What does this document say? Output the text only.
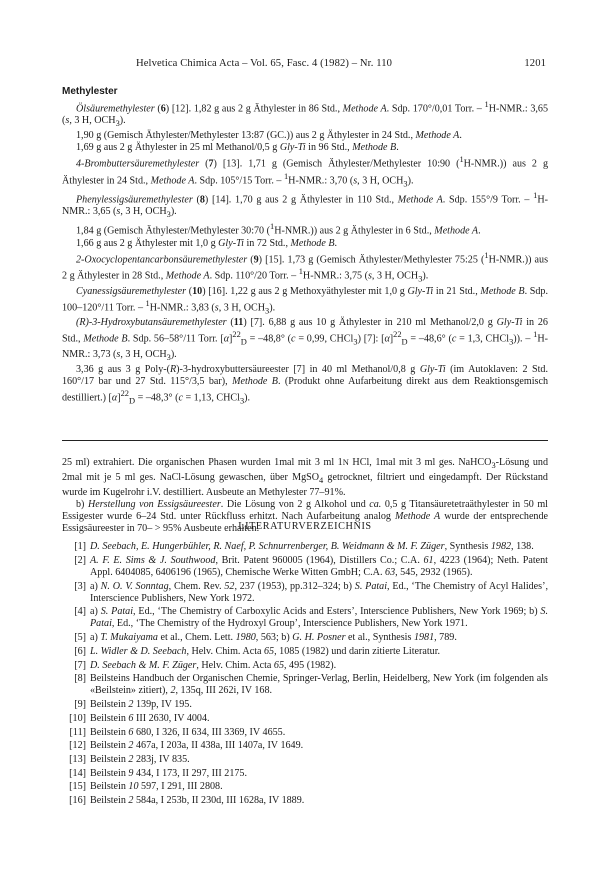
Helvetica Chimica Acta – Vol. 65, Fasc. 4 (1982) – Nr. 110	1201
Methylester

Ölsäuremethylester (6) [12]. 1,82 g aus 2 g Äthylester in 86 Std., Methode A. Sdp. 170°/0,01 Torr. – $^1$H-NMR.: 3,65 (s, 3 H, $OCH_3$).

1,90 g (Gemisch Äthylester/Methylester 13:87 (GC.)) aus 2 g Äthylester in 24 Std., Methode A.

1,69 g aus 2 g Äthylester in 25 ml Methanol/0,5 g Gly-Ti in 96 Std., Methode B.

4-Brombuttersäuremethylester (7) [13]. 1,71 g (Gemisch Äthylester/Methylester 10:90 ($^1$H-NMR.)) aus 2 g Äthylester in 24 Std., Methode A. Sdp. 105°/15 Torr. – $^1$H-NMR.: 3,70 (s, 3 H, $OCH_3$).

Phenylessigsäuremethylester (8) [14]. 1,70 g aus 2 g Äthylester in 110 Std., Methode A. Sdp. 155°/9 Torr. – $^1$H-NMR.: 3,65 (s, 3 H, $OCH_3$).

1,84 g (Gemisch Äthylester/Methylester 30:70 ($^1$H-NMR.)) aus 2 g Äthylester in 6 Std., Methode A.

1,66 g aus 2 g Äthylester mit 1,0 g Gly-Ti in 72 Std., Methode B.

2-Oxocyclopentancarbonsäuremethylester (9) [15]. 1,73 g (Gemisch Äthylester/Methylester 75:25 ($^1$H-NMR.)) aus 2 g Äthylester in 28 Std., Methode A. Sdp. 110°/20 Torr. – $^1$H-NMR.: 3,75 (s, 3 H, $OCH_3$).

Cyanessigsäuremethylester (10) [16]. 1,22 g aus 2 g Methoxyäthylester mit 1,0 g Gly-Ti in 21 Std., Methode B. Sdp. 100–120°/11 Torr. – $^1$H-NMR.: 3,83 (s, 3 H, $OCH_3$).

(R)-3-Hydroxybutansäuremethylester (11) [7]. 6,88 g aus 10 g Äthylester in 210 ml Methanol/2,0 g Gly-Ti in 26 Std., Methode B. Sdp. 56–58°/11 Torr. $[\alpha]^{22}_D = -48,8^\circ$ (c = 0,99, CHCl$_3$) [7]: $[\alpha]^{22}_D = -48,6^\circ$ (c = 1,3, CHCl$_3$)). – $^1$H-NMR.: 3,73 (s, 3 H, $OCH_3$).

3,36 g aus 3 g Poly-(R)-3-hydroxybuttersäureester [7] in 40 ml Methanol/0,8 g Gly-Ti (im Autoklaven: 2 Std. 160°/17 bar und 27 Std. 115°/3,5 bar), Methode B. (Produkt ohne Aufarbeitung direkt aus dem Reaktionsgemisch destilliert.) $[\alpha]^{22}_D = -48,3^\circ$ (c = 1,13, CHCl$_3$).

25 ml) extrahiert. Die organischen Phasen wurden 1mal mit 3 ml 1N HCl, 1mal mit 3 ml ges. NaHCO$_3$-Lösung und 2mal mit je 5 ml ges. NaCl-Lösung gewaschen, über MgSO$_4$ getrocknet, filtriert und eingedampft. Der Rückstand wurde im Kugelrohr i.V. destilliert. Ausbeute an Methylester 77–91%.

b) Herstellung von Essigsäureester. Die Lösung von 2 g Alkohol und ca. 0,5 g Titansäuretetraäthylester in 50 ml Essigester wurde 6–24 Std. unter Rückfluss erhitzt. Nach Aufarbeitung analog Methode A wurde der entsprechende Essigsäureester in 70– > 95% Ausbeute erhalten.

LITERATURVERZEICHNIS
[1] D. Seebach, E. Hungerbühler, R. Naef, P. Schnurrenberger, B. Weidmann & M. F. Züger, Synthesis 1982, 138.
[2] A. F. E. Sims & J. Southwood, Brit. Patent 960005 (1964), Distillers Co.; C.A. 61, 4223 (1964); Neth. Patent Appl. 6404085, 6406196 (1965), Chemische Werke Witten GmbH; C.A. 63, 545, 2932 (1965).
[3] a) N. O. V. Sonntag, Chem. Rev. 52, 237 (1953), pp.312–324; b) S. Patai, Ed., ‘The Chemistry of Acyl Halides’, Interscience Publishers, New York 1972.
[4] a) S. Patai, Ed., ‘The Chemistry of Carboxylic Acids and Esters’, Interscience Publishers, New York 1969; b) S. Patai, Ed., ‘The Chemistry of the Hydroxyl Group’, Interscience Publishers, New York 1971.
[5] a) T. Mukaiyama et al., Chem. Lett. 1980, 563; b) G. H. Posner et al., Synthesis 1981, 789.
[6] L. Widler & D. Seebach, Helv. Chim. Acta 65, 1085 (1982) und darin zitierte Literatur.
[7] D. Seebach & M. F. Züger, Helv. Chim. Acta 65, 495 (1982).
[8] Beilsteins Handbuch der Organischen Chemie, Springer-Verlag, Berlin, Heidelberg, New York (im folgenden als «Beilstein» zitiert), 2, 135q, III 262i, IV 168.
[9] Beilstein 2 139p, IV 195.
[10] Beilstein 6 III 2630, IV 4004.
[11] Beilstein 6 680, I 326, II 634, III 3369, IV 4655.
[12] Beilstein 2 467a, I 203a, II 438a, III 1407a, IV 1649.
[13] Beilstein 2 283j, IV 835.
[14] Beilstein 9 434, I 173, II 297, III 2175.
[15] Beilstein 10 597, I 291, III 2808.
[16] Beilstein 2 584a, I 253b, II 230d, III 1628a, IV 1889.
